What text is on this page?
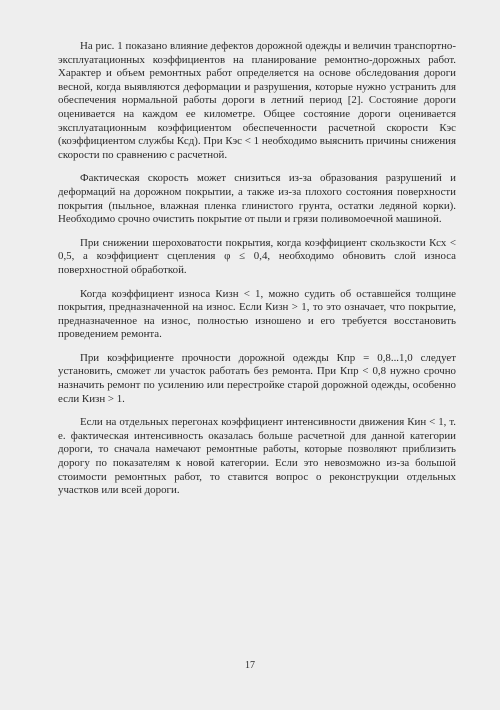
На рис. 1 показано влияние дефектов дорожной одежды и величин транспортно-эксплуатационных коэффициентов на планирование ремонтно-дорожных работ. Характер и объем ремонтных работ определяется на основе обследования дороги весной, когда выявляются деформации и разрушения, которые нужно устранить для обеспечения нормальной работы дороги в летний период [2]. Состояние дороги оценивается на каждом ее километре. Общее состояние дороги оценивается эксплуатационным коэффициентом обеспеченности расчетной скорости Кэс (коэффициентом службы Ксд). При Кэс < 1 необходимо выяснить причины снижения скорости по сравнению с расчетной.

Фактическая скорость может снизиться из-за образования разрушений и деформаций на дорожном покрытии, а также из-за плохого состояния поверхности покрытия (пыльное, влажная пленка глинистого грунта, остатки ледяной корки). Необходимо срочно очистить покрытие от пыли и грязи поливомоечной машиной.

При снижении шероховатости покрытия, когда коэффициент скользкости Ксх < 0,5, а коэффициент сцепления φ ≤ 0,4, необходимо обновить слой износа поверхностной обработкой.

Когда коэффициент износа Кизн < 1, можно судить об оставшейся толщине покрытия, предназначенной на износ. Если Кизн > 1, то это означает, что покрытие, предназначенное на износ, полностью изношено и его требуется восстановить проведением ремонта.

При коэффициенте прочности дорожной одежды Кпр = 0,8...1,0 следует установить, сможет ли участок работать без ремонта. При Кпр < 0,8 нужно срочно назначить ремонт по усилению или перестройке старой дорожной одежды, особенно если Кизн > 1.

Если на отдельных перегонах коэффициент интенсивности движения Кин < 1, т. е. фактическая интенсивность оказалась больше расчетной для данной категории дороги, то сначала намечают ремонтные работы, которые позволяют приблизить дорогу по показателям к новой категории. Если это невозможно из-за большой стоимости ремонтных работ, то ставится вопрос о реконструкции отдельных участков или всей дороги.

17
